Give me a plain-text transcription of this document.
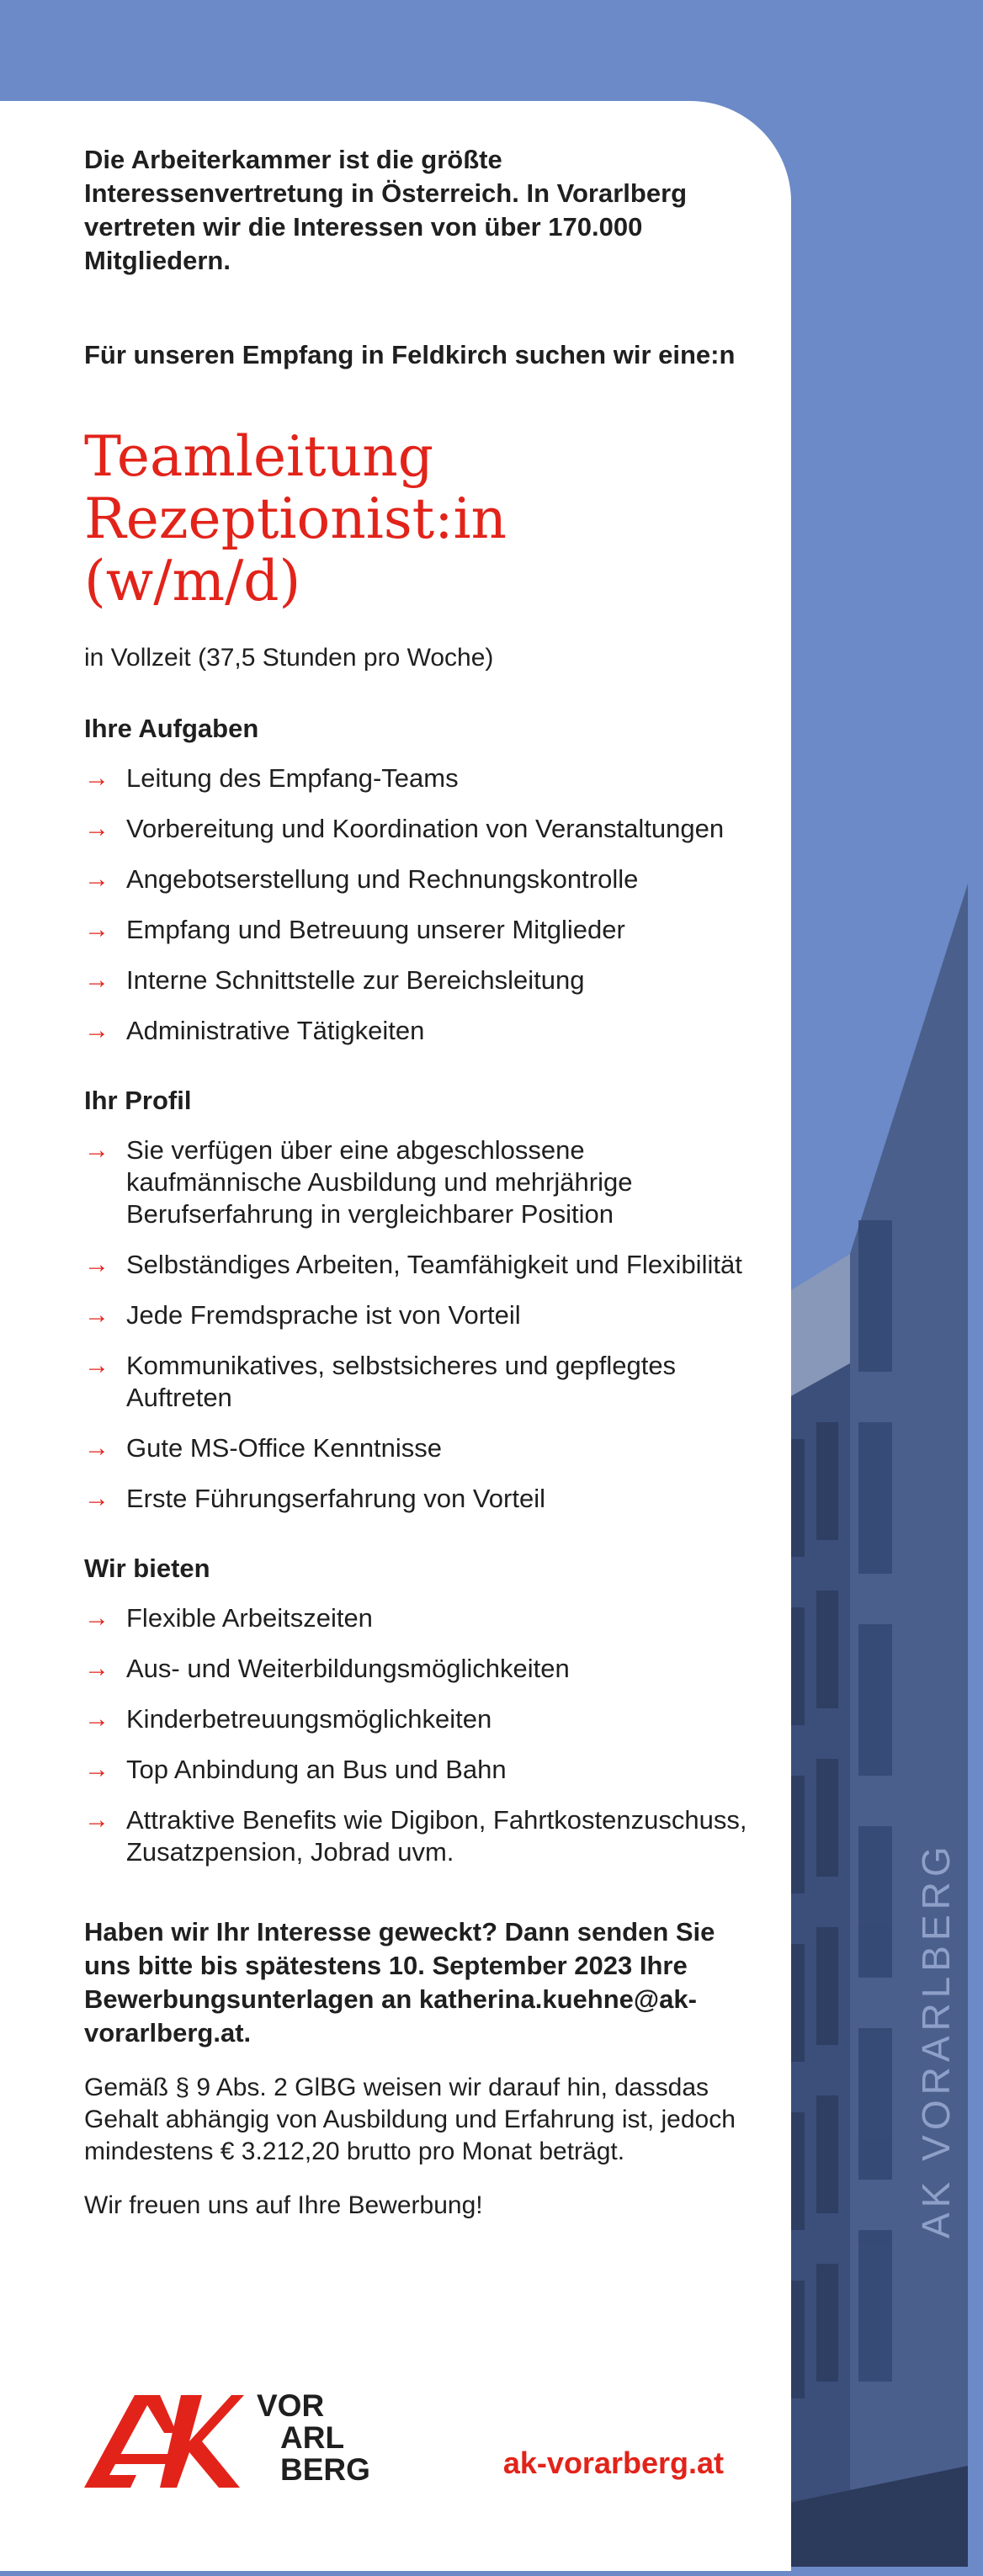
AK VORARLBERG

Die Arbeiterkammer ist die größte Interessenvertretung in Österreich. In Vorarlberg vertreten wir die Interessen von über 170.000 Mitgliedern.

Für unseren Empfang in Feldkirch suchen wir eine:n

Teamleitung
Rezeptionist:in
(w/m/d)

in Vollzeit (37,5 Stunden pro Woche)

Ihre Aufgaben
→ Leitung des Empfang-Teams
→ Vorbereitung und Koordination von Veranstaltungen
→ Angebotserstellung und Rechnungskontrolle
→ Empfang und Betreuung unserer Mitglieder
→ Interne Schnittstelle zur Bereichsleitung
→ Administrative Tätigkeiten
Ihr Profil
→ Sie verfügen über eine abgeschlossene kaufmännische Ausbildung und mehrjährige Berufserfahrung in vergleichbarer Position
→ Selbständiges Arbeiten, Teamfähigkeit und Flexibilität
→ Jede Fremdsprache ist von Vorteil
→ Kommunikatives, selbstsicheres und gepflegtes Auftreten
→ Gute MS-Office Kenntnisse
→ Erste Führungserfahrung von Vorteil
Wir bieten
→ Flexible Arbeitszeiten
→ Aus- und Weiterbildungsmöglichkeiten
→ Kinderbetreuungsmöglichkeiten
→ Top Anbindung an Bus und Bahn
→ Attraktive Benefits wie Digibon, Fahrtkostenzuschuss, Zusatzpension, Jobrad uvm.

Haben wir Ihr Interesse geweckt? Dann senden Sie uns bitte bis spätestens 10. September 2023 Ihre Bewerbungsunterlagen an katherina.kuehne@ak-vorarlberg.at.

Gemäß § 9 Abs. 2 GlBG weisen wir darauf hin, dassdas Gehalt abhängig von Ausbildung und Erfahrung ist, jedoch mindestens € 3.212,20 brutto pro Monat beträgt.

Wir freuen uns auf Ihre Bewerbung!

VOR
ARL
BERG	ak-vorarberg.at
